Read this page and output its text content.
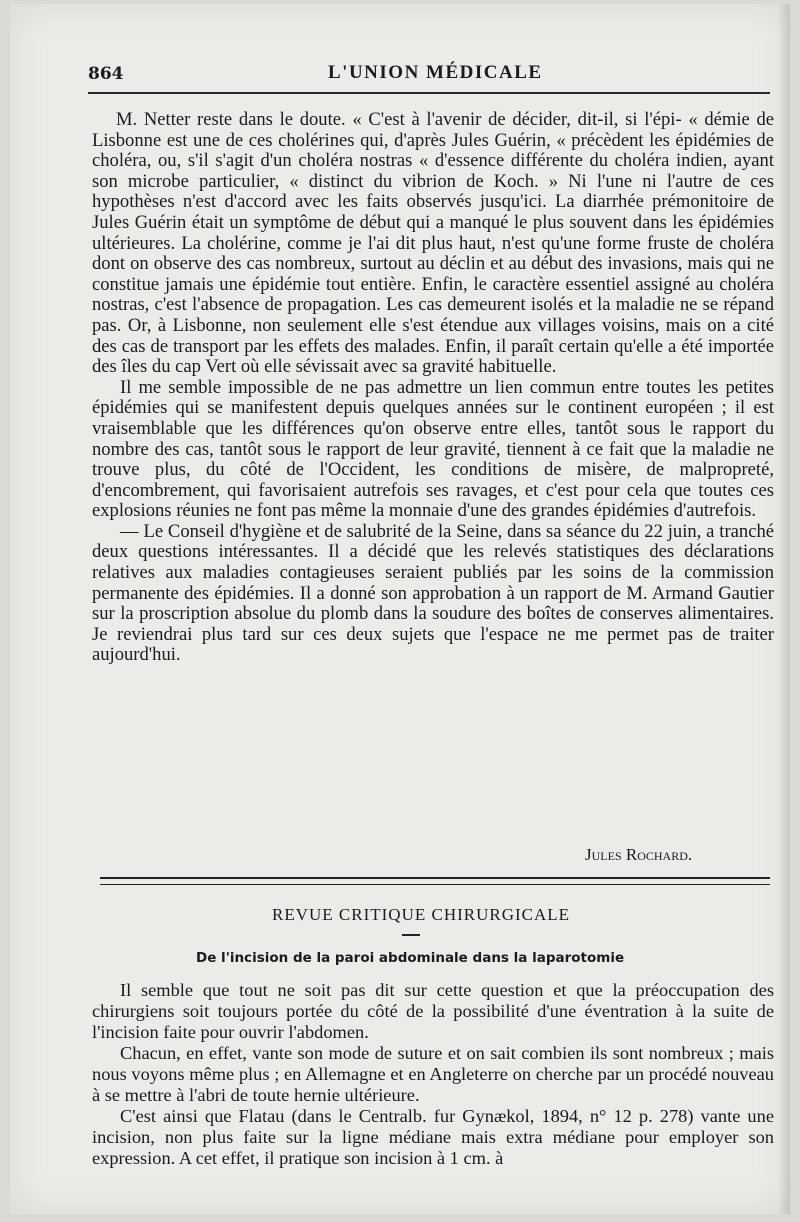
864	L'UNION MÉDICALE

M. Netter reste dans le doute. « C'est à l'avenir de décider, dit-il, si l'épi- « démie de Lisbonne est une de ces cholérines qui, d'après Jules Guérin, « précèdent les épidémies de choléra, ou, s'il s'agit d'un choléra nostras « d'essence différente du choléra indien, ayant son microbe particulier, « distinct du vibrion de Koch. » Ni l'une ni l'autre de ces hypothèses n'est d'accord avec les faits observés jusqu'ici. La diarrhée prémonitoire de Jules Guérin était un symptôme de début qui a manqué le plus souvent dans les épidémies ultérieures. La cholérine, comme je l'ai dit plus haut, n'est qu'une forme fruste de choléra dont on observe des cas nombreux, surtout au déclin et au début des invasions, mais qui ne constitue jamais une épidémie tout entière. Enfin, le caractère essentiel assigné au choléra nostras, c'est l'absence de propagation. Les cas demeurent isolés et la maladie ne se répand pas. Or, à Lisbonne, non seulement elle s'est étendue aux villages voisins, mais on a cité des cas de transport par les effets des malades. Enfin, il paraît certain qu'elle a été importée des îles du cap Vert où elle sévissait avec sa gravité habituelle.

Il me semble impossible de ne pas admettre un lien commun entre toutes les petites épidémies qui se manifestent depuis quelques années sur le continent européen ; il est vraisemblable que les différences qu'on observe entre elles, tantôt sous le rapport du nombre des cas, tantôt sous le rapport de leur gravité, tiennent à ce fait que la maladie ne trouve plus, du côté de l'Occident, les conditions de misère, de malpropreté, d'encombrement, qui favorisaient autrefois ses ravages, et c'est pour cela que toutes ces explosions réunies ne font pas même la monnaie d'une des grandes épidémies d'autrefois.

— Le Conseil d'hygiène et de salubrité de la Seine, dans sa séance du 22 juin, a tranché deux questions intéressantes. Il a décidé que les relevés statistiques des déclarations relatives aux maladies contagieuses seraient publiés par les soins de la commission permanente des épidémies. Il a donné son approbation à un rapport de M. Armand Gautier sur la proscription absolue du plomb dans la soudure des boîtes de conserves alimentaires. Je reviendrai plus tard sur ces deux sujets que l'espace ne me permet pas de traiter aujourd'hui.

Jules Rochard.
REVUE CRITIQUE CHIRURGICALE
De l'incision de la paroi abdominale dans la laparotomie

Il semble que tout ne soit pas dit sur cette question et que la préoccupation des chirurgiens soit toujours portée du côté de la possibilité d'une éventration à la suite de l'incision faite pour ouvrir l'abdomen.

Chacun, en effet, vante son mode de suture et on sait combien ils sont nombreux ; mais nous voyons même plus ; en Allemagne et en Angleterre on cherche par un procédé nouveau à se mettre à l'abri de toute hernie ultérieure.

C'est ainsi que Flatau (dans le Centralb. fur Gynækol, 1894, n° 12 p. 278) vante une incision, non plus faite sur la ligne médiane mais extra médiane pour employer son expression. A cet effet, il pratique son incision à 1 cm. à
